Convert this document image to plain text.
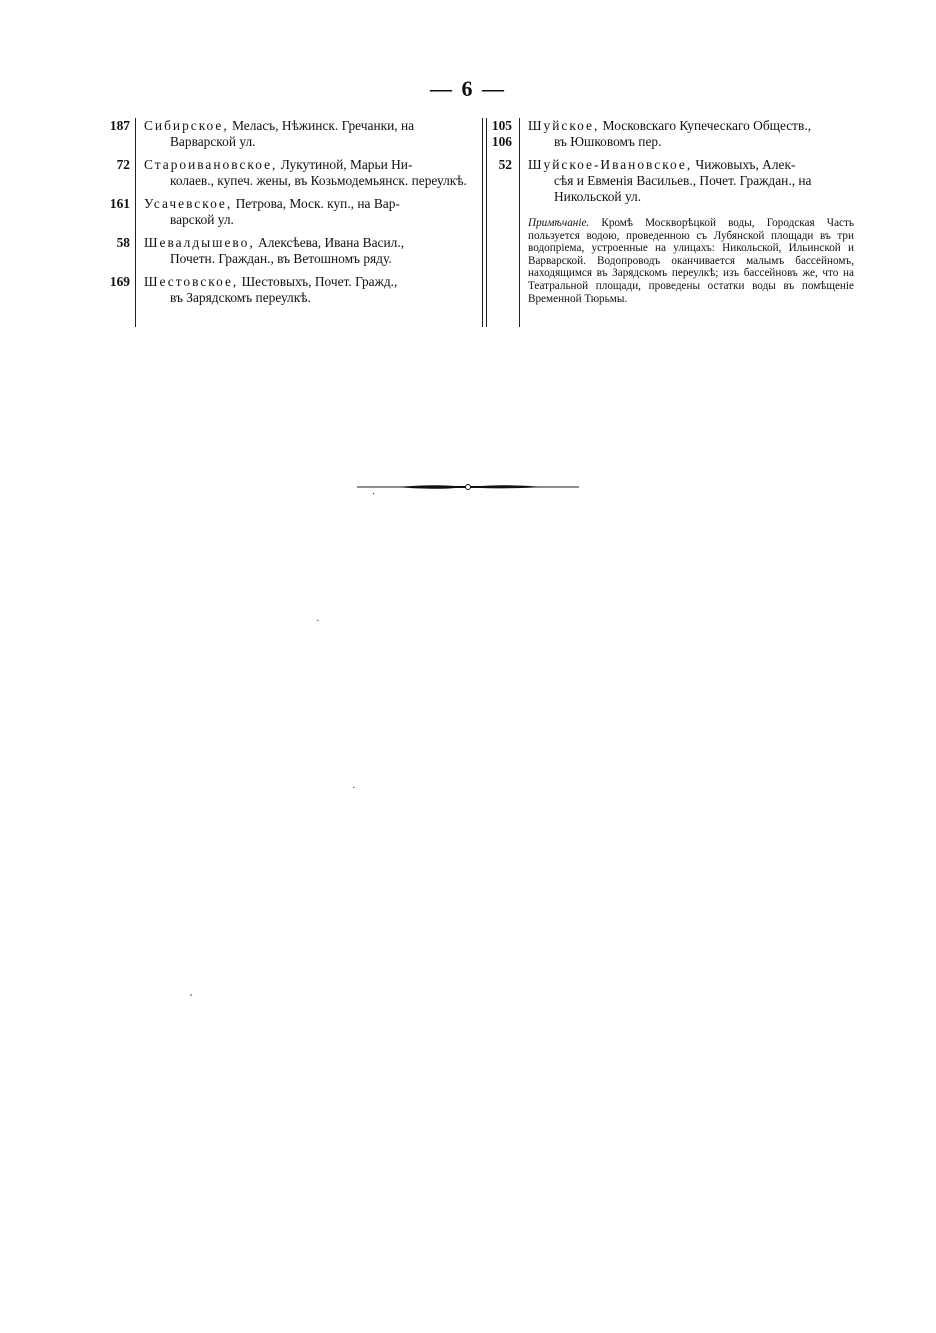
— 6 —
187 Сибирское, Меласъ, Нѣжинск. Гречанки, на
Варварской ул.
72 Староивановское, Лукутиной, Марьи Ни-
колаев., купеч. жены, въ Козьмодемьянск. переулкѣ.
161 Усачевское, Петрова, Моск. куп., на Вар-
варской ул.
58 Шевалдышево, Алексѣева, Ивана Васил.,
Почетн. Граждан., въ Ветошномъ ряду.
169 Шестовское, Шестовыхъ, Почет. Гражд.,
въ Зарядскомъ переулкѣ.
105
106
Шуйское, Московскаго Купеческаго Обществ.,
въ Юшковомъ пер.
52 Шуйское-Ивановское, Чижовыхъ, Алек-
сѣя и Евменія Васильев., Почет. Граждан., на Никольской ул.
Примѣчаніе. Кромѣ Москворѣцкой воды, Городская Часть пользуется водою, проведенною съ Лубянской площади въ три водопріемa, устроенные на улицахъ: Никольской, Ильинской и Варварской. Водопроводъ оканчивается малымъ бассейномъ, находящимся въ Зарядскомъ переулкѣ; изъ бассейновъ же, что на Театральной площади, проведены остатки воды въ помѣщеніе Временной Тюрьмы.
·
·
'
